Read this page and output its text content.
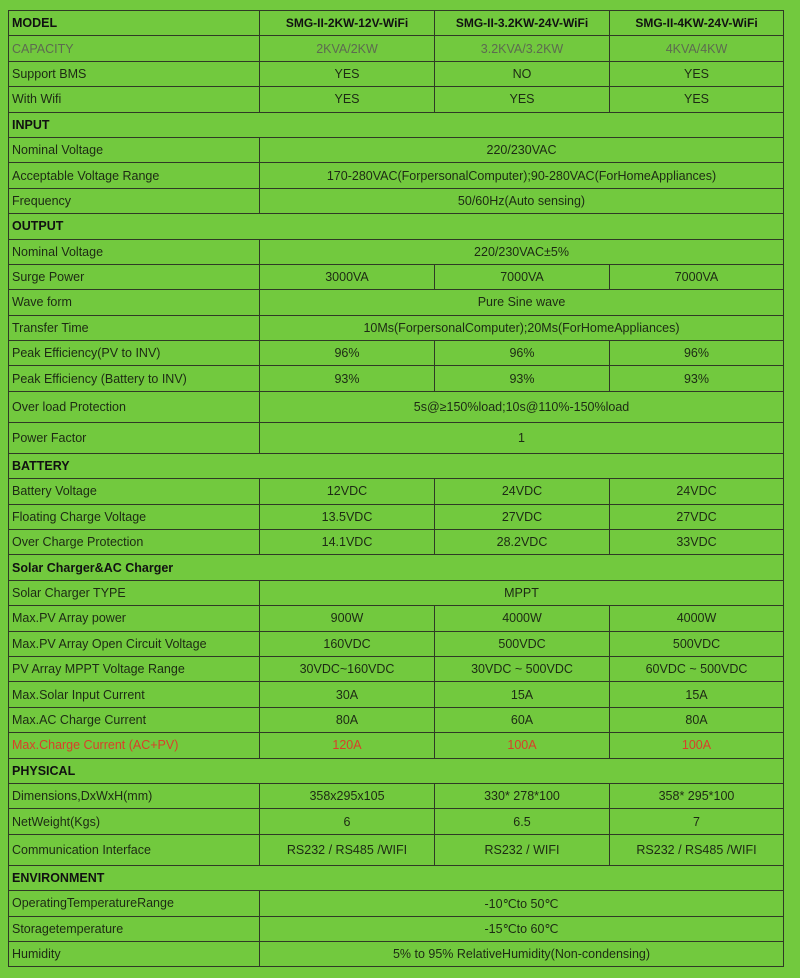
MODEL	SMG-II-2KW-12V-WiFi	SMG-II-3.2KW-24V-WiFi	SMG-II-4KW-24V-WiFi
CAPACITY	2KVA/2KW	3.2KVA/3.2KW	4KVA/4KW
Support BMS	YES	NO	YES
With Wifi	YES	YES	YES
INPUT			
Nominal Voltage	220/230VAC		
Acceptable Voltage Range	170-280VAC(ForpersonalComputer);90-280VAC(ForHomeAppliances)		
Frequency	50/60Hz(Auto sensing)		
OUTPUT			
Nominal Voltage	220/230VAC±5%		
Surge Power	3000VA	7000VA	7000VA
Wave form	Pure Sine wave		
Transfer Time	10Ms(ForpersonalComputer);20Ms(ForHomeAppliances)		
Peak Efficiency(PV to INV)	96%	96%	96%
Peak Efficiency (Battery to INV)	93%	93%	93%
Over load Protection	5s@≥150%load;10s@110%-150%load		
Power Factor	1		
BATTERY			
Battery Voltage	12VDC	24VDC	24VDC
Floating Charge Voltage	13.5VDC	27VDC	27VDC
Over Charge Protection	14.1VDC	28.2VDC	33VDC
Solar Charger&AC Charger			
Solar Charger TYPE	MPPT		
Max.PV Array power	900W	4000W	4000W
Max.PV Array Open Circuit Voltage	160VDC	500VDC	500VDC
PV Array MPPT Voltage Range	30VDC~160VDC	30VDC ~ 500VDC	60VDC ~ 500VDC
Max.Solar Input Current	30A	15A	15A
Max.AC Charge Current	80A	60A	80A
Max.Charge Current (AC+PV)	120A	100A	100A
PHYSICAL			
Dimensions,DxWxH(mm)	358x295x105	330* 278*100	358* 295*100
NetWeight(Kgs)	6	6.5	7
Communication Interface	RS232 / RS485 /WIFI	RS232 / WIFI	RS232 / RS485 /WIFI
ENVIRONMENT			
OperatingTemperatureRange	-10℃to 50℃		
Storagetemperature	-15℃to 60℃		
Humidity	5% to 95% RelativeHumidity(Non-condensing)		
